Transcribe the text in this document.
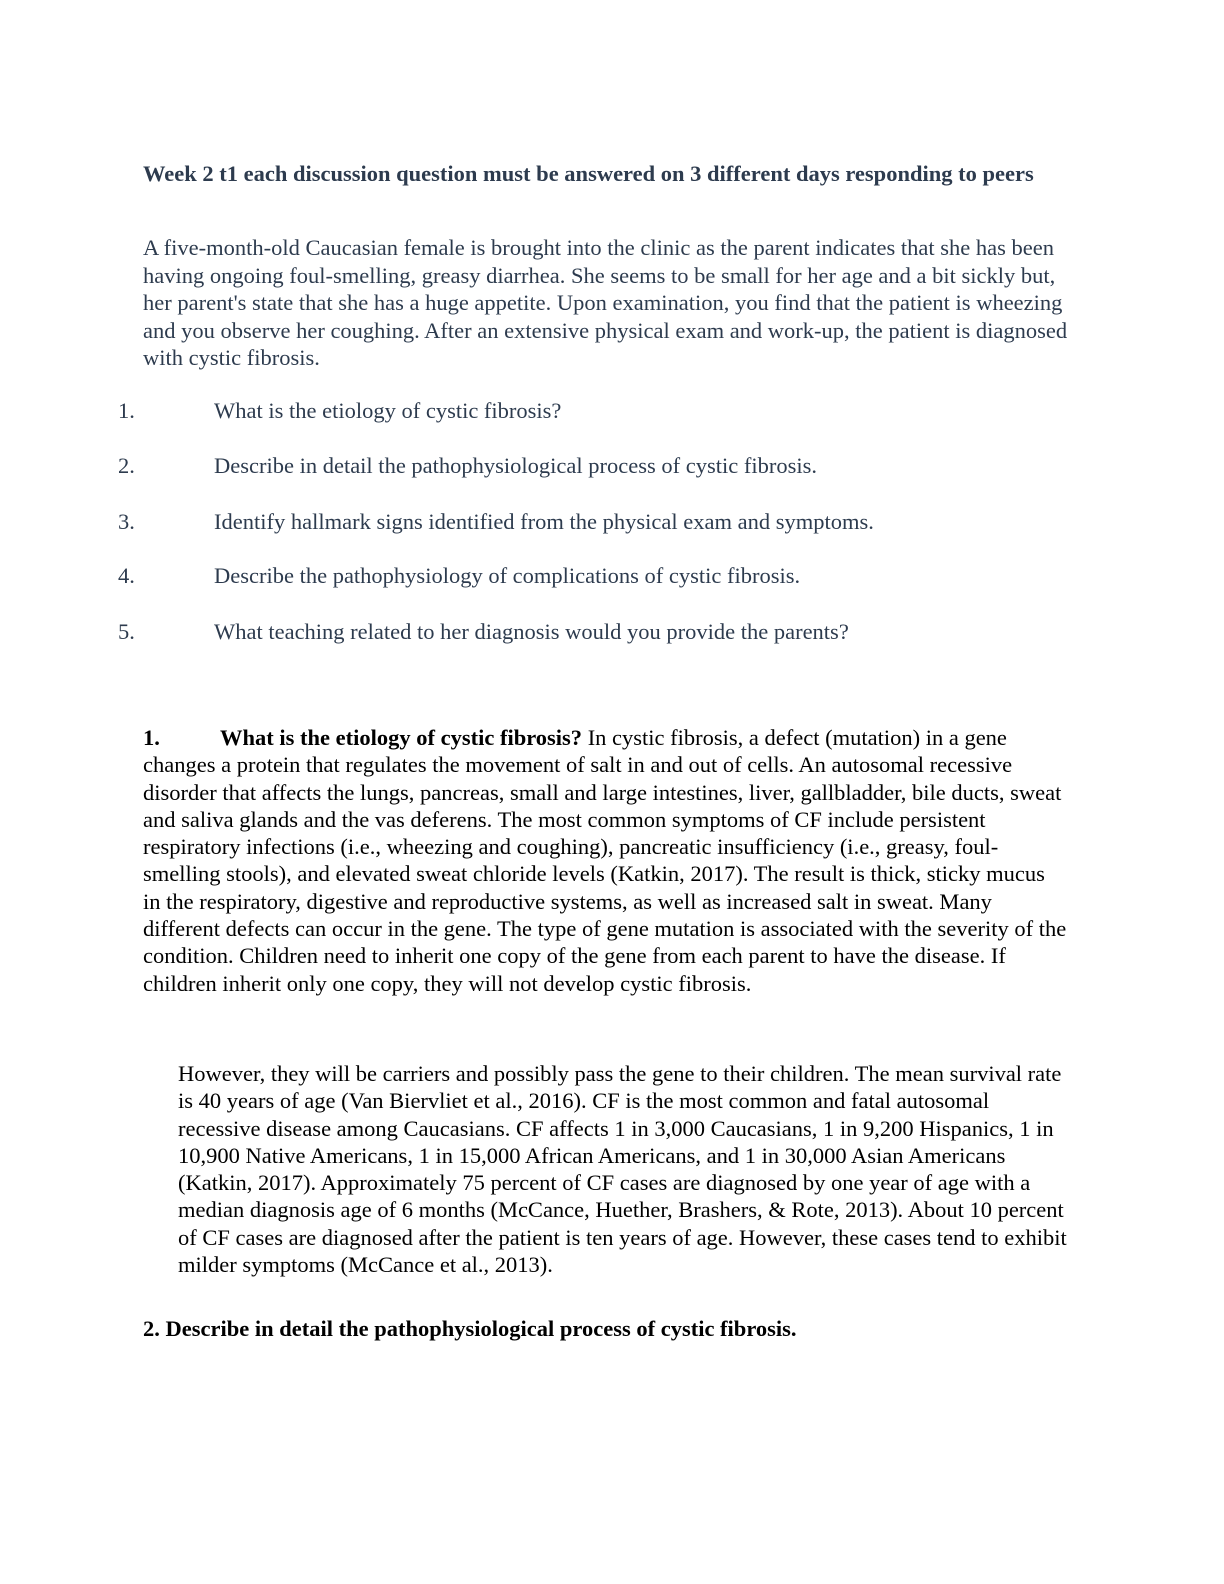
Week 2 t1 each discussion question must be answered on 3 different days responding to peers

A five-month-old Caucasian female is brought into the clinic as the parent indicates that she has been having ongoing foul-smelling, greasy diarrhea. She seems to be small for her age and a bit sickly but, her parent's state that she has a huge appetite. Upon examination, you find that the patient is wheezing and you observe her coughing. After an extensive physical exam and work-up, the patient is diagnosed with cystic fibrosis.

1.	What is the etiology of cystic fibrosis?
2.	Describe in detail the pathophysiological process of cystic fibrosis.
3.	Identify hallmark signs identified from the physical exam and symptoms.
4.	Describe the pathophysiology of complications of cystic fibrosis.
5.	What teaching related to her diagnosis would you provide the parents?

1.	What is the etiology of cystic fibrosis? In cystic fibrosis, a defect (mutation) in a gene changes a protein that regulates the movement of salt in and out of cells. An autosomal recessive disorder that affects the lungs, pancreas, small and large intestines, liver, gallbladder, bile ducts, sweat and saliva glands and the vas deferens. The most common symptoms of CF include persistent respiratory infections (i.e., wheezing and coughing), pancreatic insufficiency (i.e., greasy, foul-smelling stools), and elevated sweat chloride levels (Katkin, 2017). The result is thick, sticky mucus in the respiratory, digestive and reproductive systems, as well as increased salt in sweat. Many different defects can occur in the gene. The type of gene mutation is associated with the severity of the condition. Children need to inherit one copy of the gene from each parent to have the disease. If children inherit only one copy, they will not develop cystic fibrosis.

However, they will be carriers and possibly pass the gene to their children. The mean survival rate is 40 years of age (Van Biervliet et al., 2016). CF is the most common and fatal autosomal recessive disease among Caucasians. CF affects 1 in 3,000 Caucasians, 1 in 9,200 Hispanics, 1 in 10,900 Native Americans, 1 in 15,000 African Americans, and 1 in 30,000 Asian Americans (Katkin, 2017). Approximately 75 percent of CF cases are diagnosed by one year of age with a median diagnosis age of 6 months (McCance, Huether, Brashers, & Rote, 2013). About 10 percent of CF cases are diagnosed after the patient is ten years of age. However, these cases tend to exhibit milder symptoms (McCance et al., 2013).

2. Describe in detail the pathophysiological process of cystic fibrosis.
